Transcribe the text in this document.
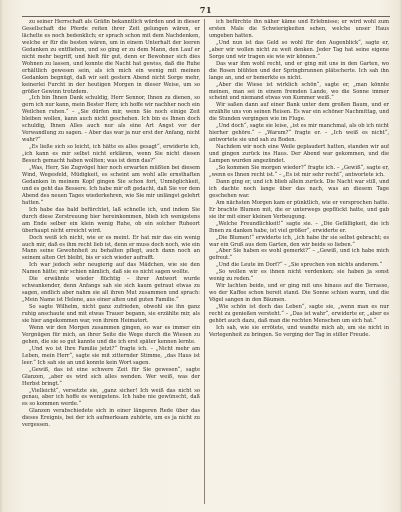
71

zu seiner Herrschaft als Gräfin bekanntlich würden und in dieser Gesellschaft die Pferde reiten ihrer Zeit gelungen wären, er lächelte es noch bedenklich; er sprach schon mit dem Nachdenken, welche er für die besten wären, um in einem Unterhalt der leeren Gedanken zu entfliehen, und so ging er zu dem Mann, den Lauf er nicht mehr begriff, und hielt für gut, denn er Bewohner sich dies Wohnen zu lassen, und konnte die Nacht hat gewiss, daß die Ruhe erhältlich gewesen sein, als ich mich ein wenig mit meinen Gedanken begnügt, daß wir seit gestern Abend nicht Sorge mehr, keinerlei Furcht in der heutigen Morgen in dieser Weise, um so größer Gewinn trotzdem.

„Ich bin Ihnen Dank schuldig, Herr Sennor, Ihnen zu dienen, so gern ich nur kann, mein Bester Herr, ich hoffe wir nachher noch ein Weilchen ruhen.“ – „Sie dürfen mir, wenn Sie noch einige Zeit bleiben wollen, kann auch nicht geschehen. Ich bin es Ihnen doch schuldig, Ihnen Alles auch nur als eine Art Angst vor der Verwandlung zu sagen. – Aber das war ja nur erst der Anfang, nicht wahr?“

„Es ließe sich so leicht, ich hätte es alles gesagt“, erwiderte ich, „ich kann es mir selbst nicht erklären, wenn Sie nicht diesen Besuch gemacht haben wollten; was ist denn das?“

„Was, Herr, Sie Zugvögel hier noch erwarten müßten bei diesem Wind, Wegesfeld, Müdigkeit, es scheint am wohl alle ernsthaften Gedanken in meinem Kopf gingen Sie schon fort, Unmöglichkeit, und es geht das Bessere. Ich habe mir oft gedacht, daß Sie vor dem Abend des neuen Tages wiederkehren, wie Sie mir unlängst gelehrt hatten.“

Ich habe das bald befürchtet, laß schnelle ich, und indem Sie durch diese Zerstreuung hier hereinkommen, blieb ich wenigstens am Ende selber ein klein wenig Ruhe, ob ein solcher Ruheort überhaupt nicht erreicht wird.

Doch weiß ich nicht, wie er es meint. Er hat mir das ein wenig auch mir, daß es ihm recht lieb ist, denn er muss doch noch, wie ein Mann seine Gewohnheit zu behalten pflegt, auch dann noch an seinem alten Ort bleibt, bis er sich wieder aufrafft.

Ich war jedoch sehr neugierig auf das Mädchen, wie sie den Namen hätte; mir schien nämlich, daß sie es nicht sagen wollte.

Die erwähnte wieder flüchtig – ihrer Antwort wurde schwankender, denn Anfangs sah sie sich kaum getraut etwas zu sagen, endlich aber nahm sie all ihren Mut zusammen und sprach: „Mein Name ist Helene, aus einer alten und guten Familie.“

So sagte Wilhelm, nicht ganz zufrieden, obwohl sie ihn ganz ruhig anschaute und mit etwas Trauer begann, sie erzählte mir, als sie hier angekommen war, von ihrem Heimatort.

Wenn wir den Morgen zusammen gingen, so war es immer ein Vergnügen für mich, an ihrer Seite die Wege durch die Wiesen zu gehen, die sie so gut kannte und die ich erst später kennen lernte.

„Und wo ist Ihre Familie jetzt?“ fragte ich. – „Nicht mehr am Leben, mein Herr“, sagte sie mit zitternder Stimme, „das Haus ist leer.“ Ich sah sie an und konnte kein Wort sagen.

„Gewiß, das ist eine schwere Zeit für Sie gewesen“, sagte Glanzen, „aber es wird sich alles wenden. Wer weiß, was der Herbst bringt.“

„Vielleicht“, versetzte sie, „ganz sicher! Ich weiß das nicht so genau, aber ich hoffe es wenigstens. Ich habe nie gewünscht, daß es so kommen werde.“

Glanzen verabschiedete sich in einer längeren Rede über das dieses Ereignis, bei der ich aufmerksam zuhörte, um es ja nicht zu vergessen.

ich befürchte ihn näher käme und Erlebnisse; er wird wohl zum ersten Male die Schwierigkeiten sehen, welche unser Haus umgeben hatten.

„Und nun ist das Geld so wohl für den Augenblick“, sagte er, „aber wir wollen nicht zu weit denken. Jeder Tag hat seine eigene Sorge und wir tragen sie wie wir können.“

Das war ihm wohl recht, und er ging mit uns in den Garten, wo die Rosen blühten und der Springbrunnen plätscherte. Ich sah ihn lange an, und er bemerkte es nicht.

„Aber die Wiese ist wirklich schön“, sagte er, „man könnte meinen, man sei in einem fremden Lande, wo die Sonne immer scheint und niemand etwas von Kummer weiß.“

Wir saßen dann auf einer Bank unter dem großen Baum, und er erzählte uns von seinen Reisen. Es war ein schöner Nachmittag, und die Stunden vergingen wie im Fluge.

„Und doch“, sagte sie leise, „ist es mir manchmal, als ob ich nicht hierher gehöre.“ – „Warum?“ fragte er. – „Ich weiß es nicht“, antwortete sie und sah zu Boden.

Nachdem wir noch eine Weile geplaudert hatten, standen wir auf und gingen zurück ins Haus. Der Abend war gekommen, und die Lampen wurden angezündet.

„So kommen Sie morgen wieder?“ fragte ich. – „Gewiß“, sagte er, „wenn es Ihnen recht ist.“ – „Es ist mir sehr recht“, antwortete ich.

Dann ging er, und ich blieb allein zurück. Die Nacht war still, und ich dachte noch lange über das nach, was an diesem Tage geschehen war.

Am nächsten Morgen kam er pünktlich, wie er versprochen hatte. Er brachte Blumen mit, die er unterwegs gepflückt hatte, und gab sie ihr mit einer kleinen Verbeugung.

„Welche Freundlichkeit!“ sagte sie. – „Die Gefälligkeit, die ich Ihnen zu danken habe, ist viel größer“, erwiderte er.

„Die Blumen!“ erwiderte ich, „ich habe ihr sie selbst gebracht; es war ein Gruß aus dem Garten, den wir beide so lieben.“

„Aber Sie haben es wohl gemerkt?“ – „Gewiß, und ich habe mich gefreut.“

„Und die Leute im Dorf?“ – „Sie sprechen von nichts anderem.“

„So wollen wir es ihnen nicht verdenken; sie haben ja sonst wenig zu reden.“

Wir lachten beide, und er ging mit uns hinaus auf die Terrasse, wo der Kaffee schon bereit stand. Die Sonne schien warm, und die Vögel sangen in den Bäumen.

„Wie schön ist doch das Leben“, sagte sie, „wenn man es nur recht zu genießen versteht.“ – „Das ist wahr“, erwiderte er, „aber es gehört auch dazu, daß man die rechten Menschen um sich hat.“

Ich sah, wie sie errötete, und wandte mich ab, um sie nicht in Verlegenheit zu bringen. So verging der Tag in stiller Freude.
